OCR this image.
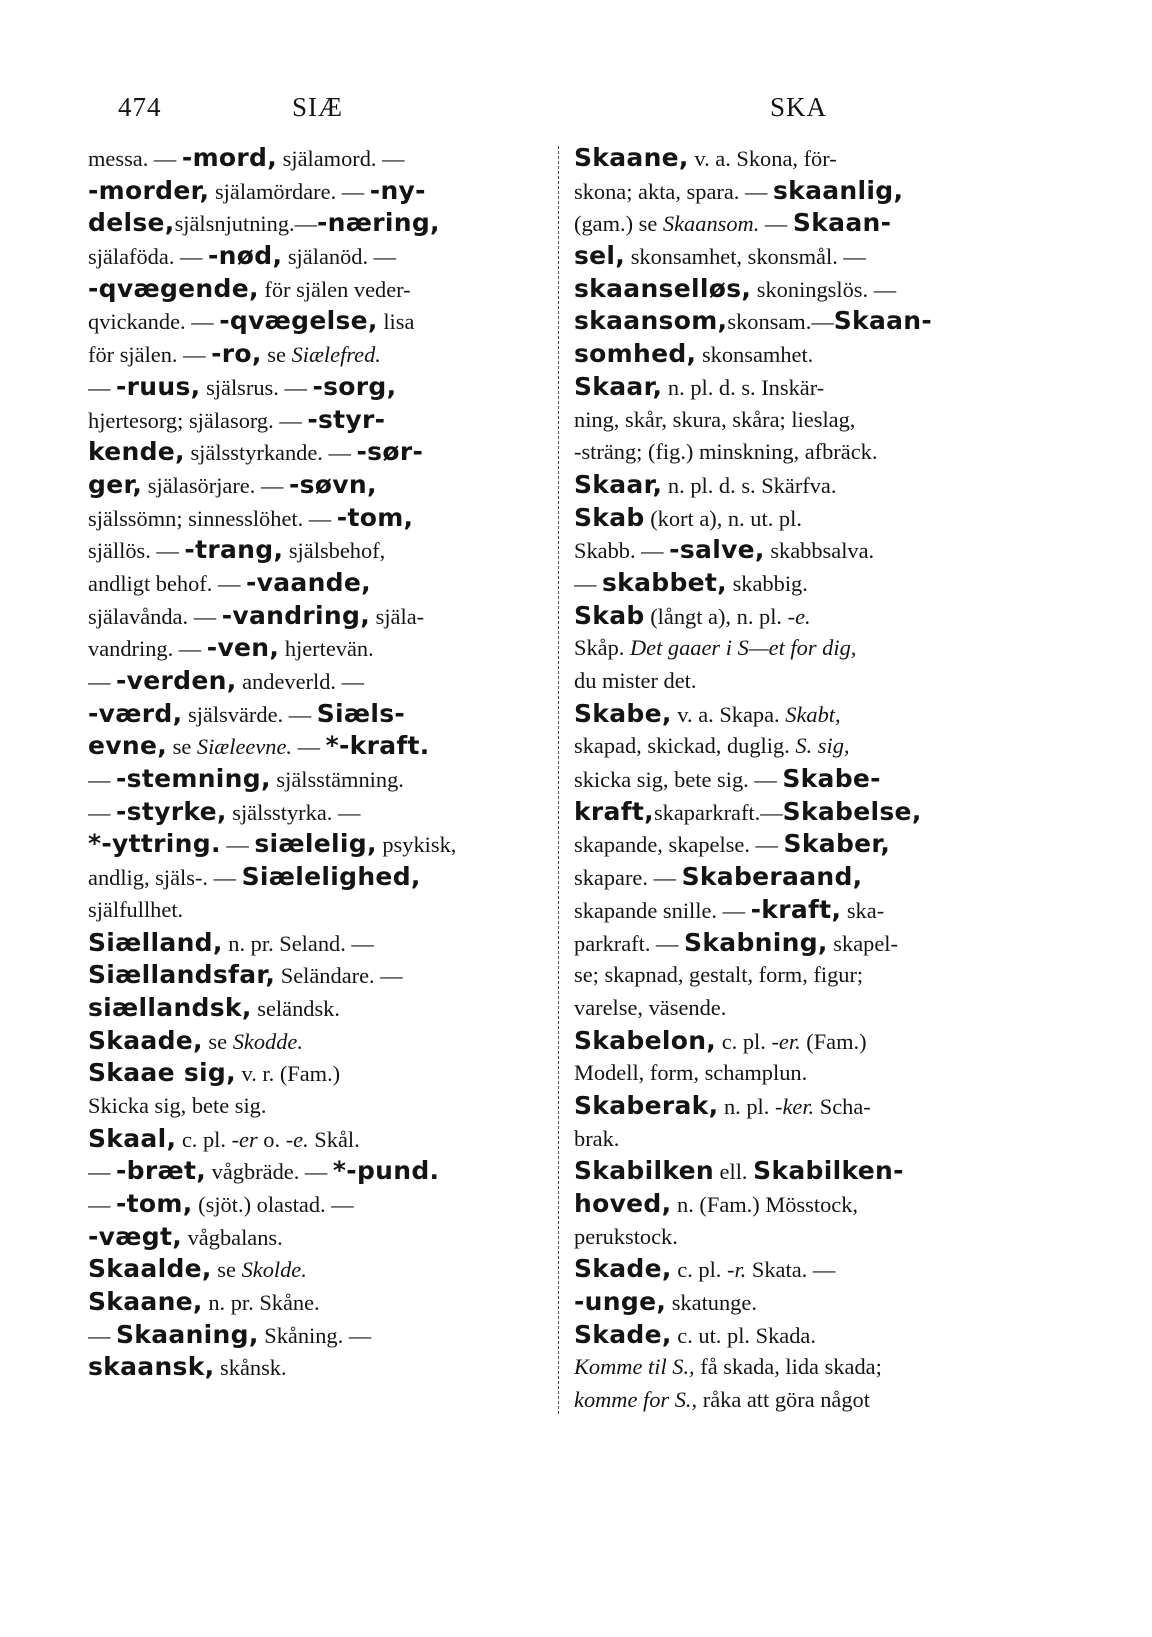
474	SIÆ	SKA
messa. — -mord, själamord. —
-morder, själamördare. — -ny-
delse,själsnjutning.—-næring,
själaföda. — -nød, själanöd. —
-qvægende, för själen veder-
qvickande. — -qvægelse, lisa
för själen. — -ro, se Siælefred.
— -ruus, själsrus. — -sorg,
hjertesorg; själasorg. — -styr-
kende, själsstyrkande. — -sør-
ger, själasörjare. — -søvn,
själssömn; sinnesslöhet. — -tom,
själlös. — -trang, själsbehof,
andligt behof. — -vaande,
själavånda. — -vandring, själa-
vandring. — -ven, hjertevän.
— -verden, andeverld. —
-værd, själsvärde. — Siæls-
evne, se Siæleevne. — *-kraft.
— -stemning, själsstämning.
— -styrke, själsstyrka. —
*-yttring. — siælelig, psykisk,
andlig, själs-. — Siælelighed,
själfullhet.
Siælland, n. pr. Seland. —
Siællandsfar, Seländare. —
siællandsk, seländsk.
Skaade, se Skodde.
Skaae sig, v. r. (Fam.)
Skicka sig, bete sig.
Skaal, c. pl. -er o. -e. Skål.
— -bræt, vågbräde. — *-pund.
— -tom, (sjöt.) olastad. —
-vægt, vågbalans.
Skaalde, se Skolde.
Skaane, n. pr. Skåne.
— Skaaning, Skåning. —
skaansk, skånsk.
Skaane, v. a. Skona, för-
skona; akta, spara. — skaanlig,
(gam.) se Skaansom. — Skaan-
sel, skonsamhet, skonsmål. —
skaanselløs, skoningslös. —
skaansom,skonsam.—Skaan-
somhed, skonsamhet.
Skaar, n. pl. d. s. Inskär-
ning, skår, skura, skåra; lieslag,
-sträng; (fig.) minskning, afbräck.
Skaar, n. pl. d. s. Skärfva.
Skab (kort a), n. ut. pl.
Skabb. — -salve, skabbsalva.
— skabbet, skabbig.
Skab (långt a), n. pl. -e.
Skåp. Det gaaer i S—et for dig,
du mister det.
Skabe, v. a. Skapa. Skabt,
skapad, skickad, duglig. S. sig,
skicka sig, bete sig. — Skabe-
kraft,skaparkraft.—Skabelse,
skapande, skapelse. — Skaber,
skapare. — Skaberaand,
skapande snille. — -kraft, ska-
parkraft. — Skabning, skapel-
se; skapnad, gestalt, form, figur;
varelse, väsende.
Skabelon, c. pl. -er. (Fam.)
Modell, form, schamplun.
Skaberak, n. pl. -ker. Scha-
brak.
Skabilken ell. Skabilken-
hoved, n. (Fam.) Mösstock,
perukstock.
Skade, c. pl. -r. Skata. —
-unge, skatunge.
Skade, c. ut. pl. Skada.
Komme til S., få skada, lida skada;
komme for S., råka att göra något
